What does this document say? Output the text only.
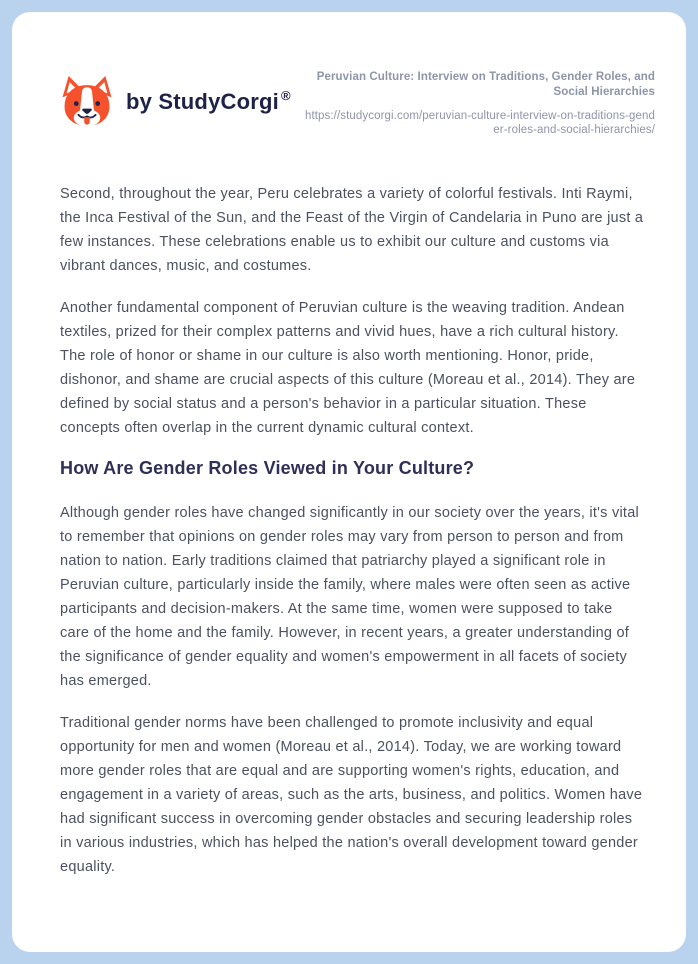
by StudyCorgi ®
Peruvian Culture: Interview on Traditions, Gender Roles, and Social Hierarchies
https://studycorgi.com/peruvian-culture-interview-on-traditions-gender-roles-and-social-hierarchies/

Second, throughout the year, Peru celebrates a variety of colorful festivals. Inti Raymi, the Inca Festival of the Sun, and the Feast of the Virgin of Candelaria in Puno are just a few instances. These celebrations enable us to exhibit our culture and customs via vibrant dances, music, and costumes.

Another fundamental component of Peruvian culture is the weaving tradition. Andean textiles, prized for their complex patterns and vivid hues, have a rich cultural history. The role of honor or shame in our culture is also worth mentioning. Honor, pride, dishonor, and shame are crucial aspects of this culture (Moreau et al., 2014). They are defined by social status and a person's behavior in a particular situation. These concepts often overlap in the current dynamic cultural context.

How Are Gender Roles Viewed in Your Culture?

Although gender roles have changed significantly in our society over the years, it's vital to remember that opinions on gender roles may vary from person to person and from nation to nation. Early traditions claimed that patriarchy played a significant role in Peruvian culture, particularly inside the family, where males were often seen as active participants and decision-makers. At the same time, women were supposed to take care of the home and the family. However, in recent years, a greater understanding of the significance of gender equality and women's empowerment in all facets of society has emerged.

Traditional gender norms have been challenged to promote inclusivity and equal opportunity for men and women (Moreau et al., 2014). Today, we are working toward more gender roles that are equal and are supporting women's rights, education, and engagement in a variety of areas, such as the arts, business, and politics. Women have had significant success in overcoming gender obstacles and securing leadership roles in various industries, which has helped the nation's overall development toward gender equality.
